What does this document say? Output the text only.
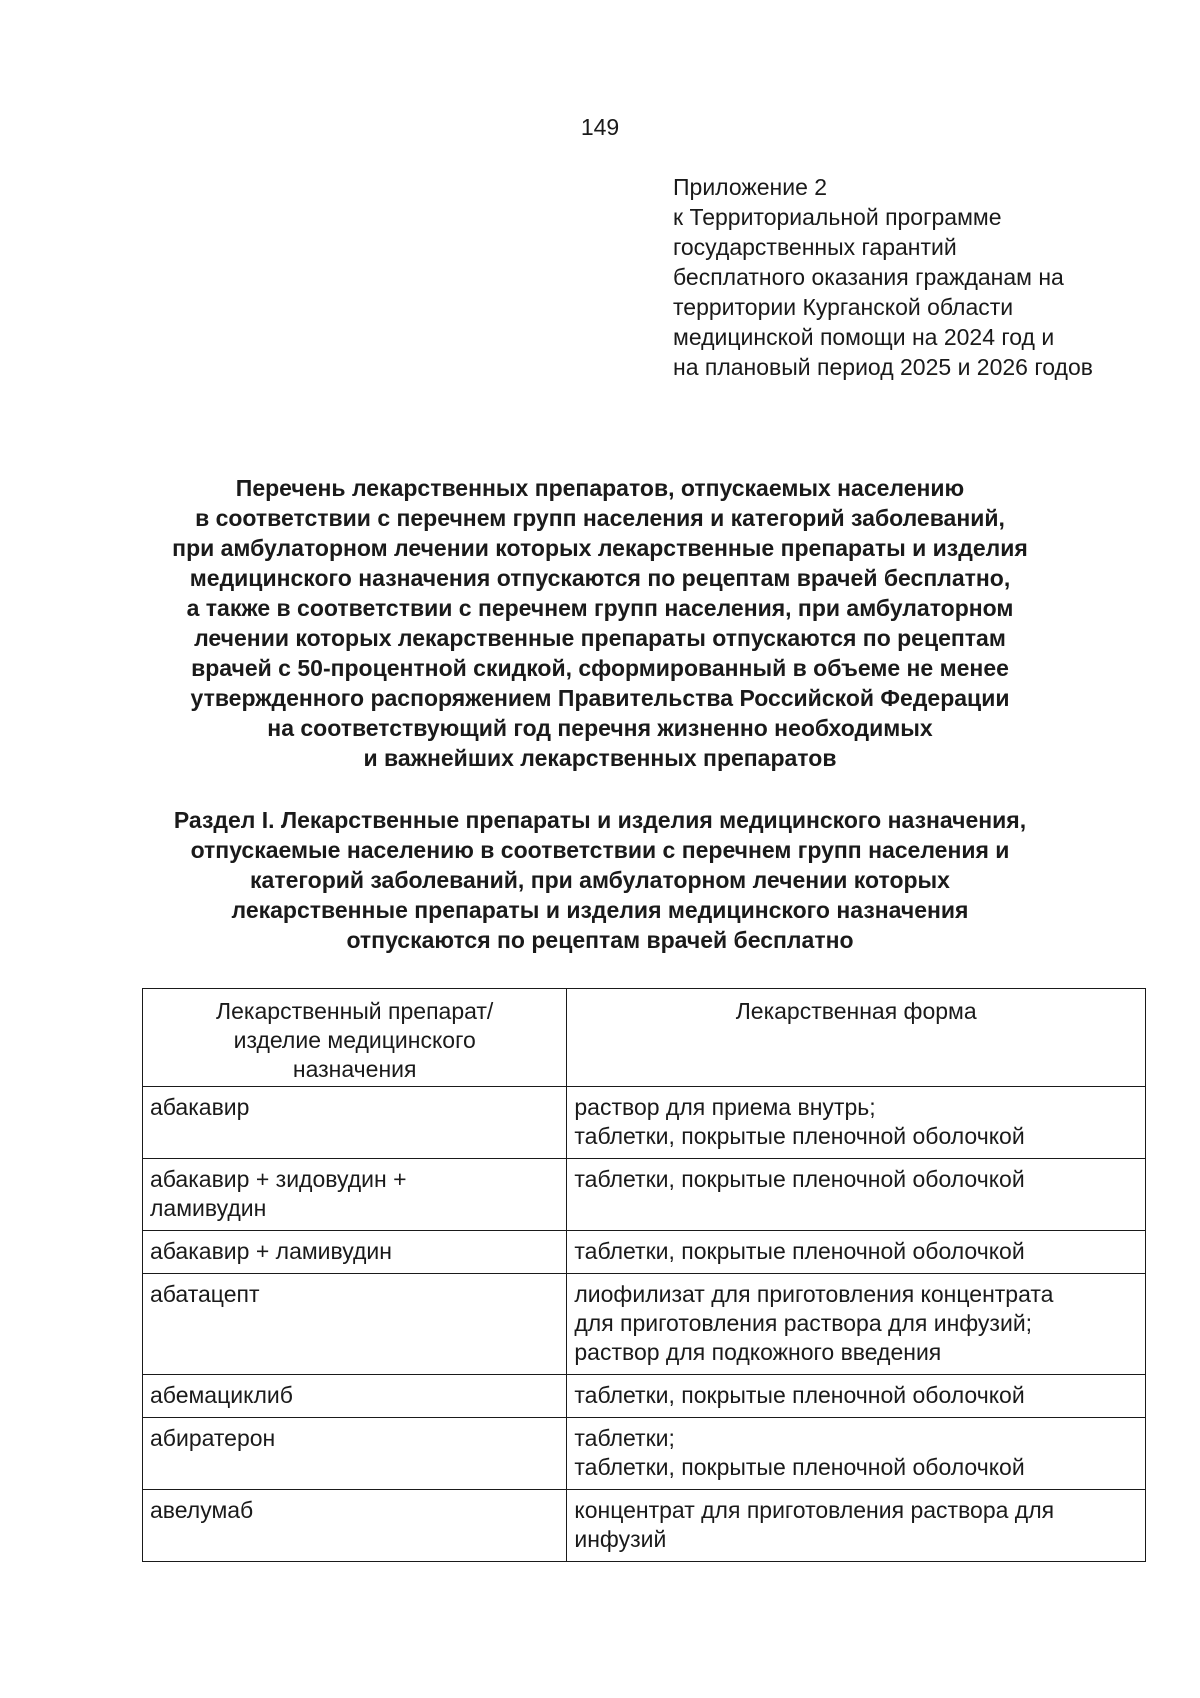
149
Приложение 2
к Территориальной программе
государственных гарантий
бесплатного оказания гражданам на
территории Курганской области
медицинской помощи на 2024 год и
на плановый период 2025 и 2026 годов
Перечень лекарственных препаратов, отпускаемых населению
в соответствии с перечнем групп населения и категорий заболеваний,
при амбулаторном лечении которых лекарственные препараты и изделия
медицинского назначения отпускаются по рецептам врачей бесплатно,
а также в соответствии с перечнем групп населения, при амбулаторном
лечении которых лекарственные препараты отпускаются по рецептам
врачей с 50-процентной скидкой, сформированный в объеме не менее
утвержденного распоряжением Правительства Российской Федерации
на соответствующий год перечня жизненно необходимых
и важнейших лекарственных препаратов
Раздел I. Лекарственные препараты и изделия медицинского назначения,
отпускаемые населению в соответствии с перечнем групп населения и
категорий заболеваний, при амбулаторном лечении которых
лекарственные препараты и изделия медицинского назначения
отпускаются по рецептам врачей бесплатно
Лекарственный препарат/
изделие медицинского
назначения	Лекарственная форма

абакавир	раствор для приема внутрь;
таблетки, покрытые пленочной оболочкой

абакавир + зидовудин +
ламивудин	таблетки, покрытые пленочной оболочкой

абакавир + ламивудин	таблетки, покрытые пленочной оболочкой

абатацепт	лиофилизат для приготовления концентрата
для приготовления раствора для инфузий;
раствор для подкожного введения

абемациклиб	таблетки, покрытые пленочной оболочкой

абиратерон	таблетки;
таблетки, покрытые пленочной оболочкой

авелумаб	концентрат для приготовления раствора для
инфузий
